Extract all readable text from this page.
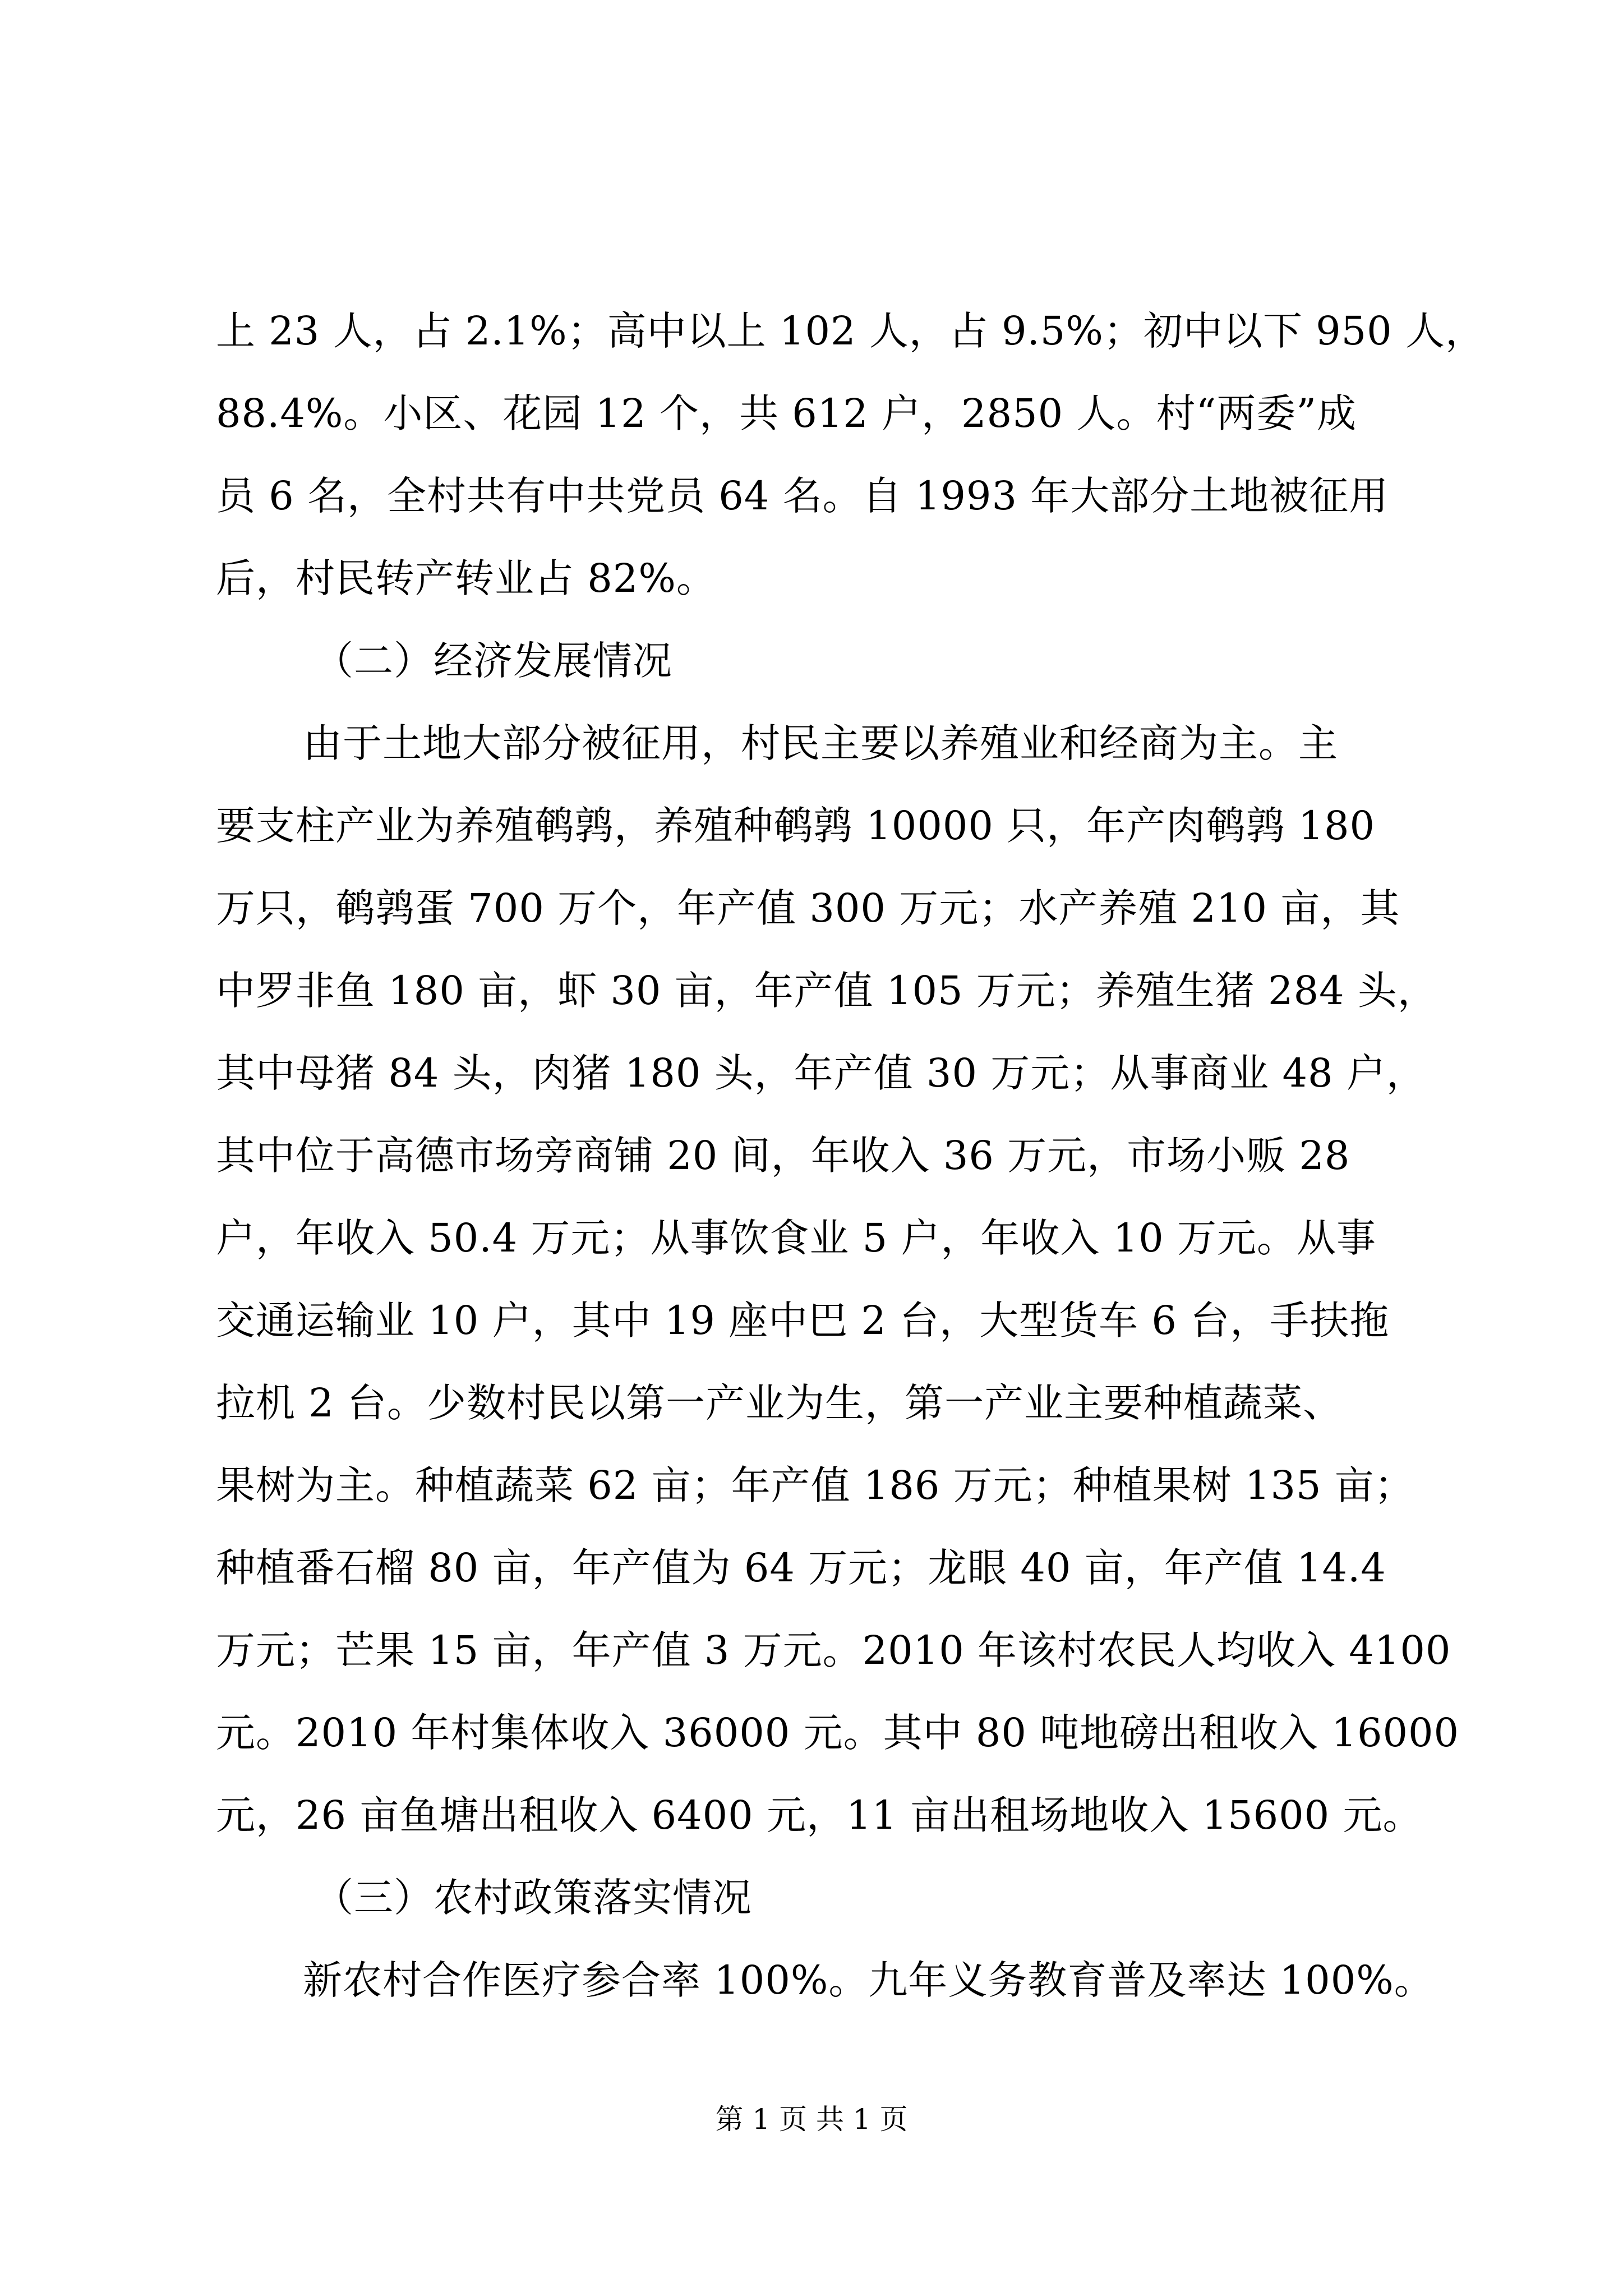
上 23 人，占 2.1%；高中以上 102 人，占 9.5%；初中以下 950 人，
88.4%。小区、花园 12 个，共 612 户，2850 人。村“两委”成
员 6 名，全村共有中共党员 64 名。自 1993 年大部分土地被征用
后，村民转产转业占 82%。
（二）经济发展情况
由于土地大部分被征用，村民主要以养殖业和经商为主。主
要支柱产业为养殖鹌鹑，养殖种鹌鹑 10000 只，年产肉鹌鹑 180
万只，鹌鹑蛋 700 万个，年产值 300 万元；水产养殖 210 亩，其
中罗非鱼 180 亩，虾 30 亩，年产值 105 万元；养殖生猪 284 头，
其中母猪 84 头，肉猪 180 头，年产值 30 万元；从事商业 48 户，
其中位于高德市场旁商铺 20 间，年收入 36 万元，市场小贩 28
户，年收入 50.4 万元；从事饮食业 5 户，年收入 10 万元。从事
交通运输业 10 户，其中 19 座中巴 2 台，大型货车 6 台，手扶拖
拉机 2 台。少数村民以第一产业为生，第一产业主要种植蔬菜、
果树为主。种植蔬菜 62 亩；年产值 186 万元；种植果树 135 亩；
种植番石榴 80 亩，年产值为 64 万元；龙眼 40 亩，年产值 14.4
万元；芒果 15 亩，年产值 3 万元。2010 年该村农民人均收入 4100
元。2010 年村集体收入 36000 元。其中 80 吨地磅出租收入 16000
元，26 亩鱼塘出租收入 6400 元，11 亩出租场地收入 15600 元。
（三）农村政策落实情况
新农村合作医疗参合率 100%。九年义务教育普及率达 100%。
第 1 页 共 1 页
